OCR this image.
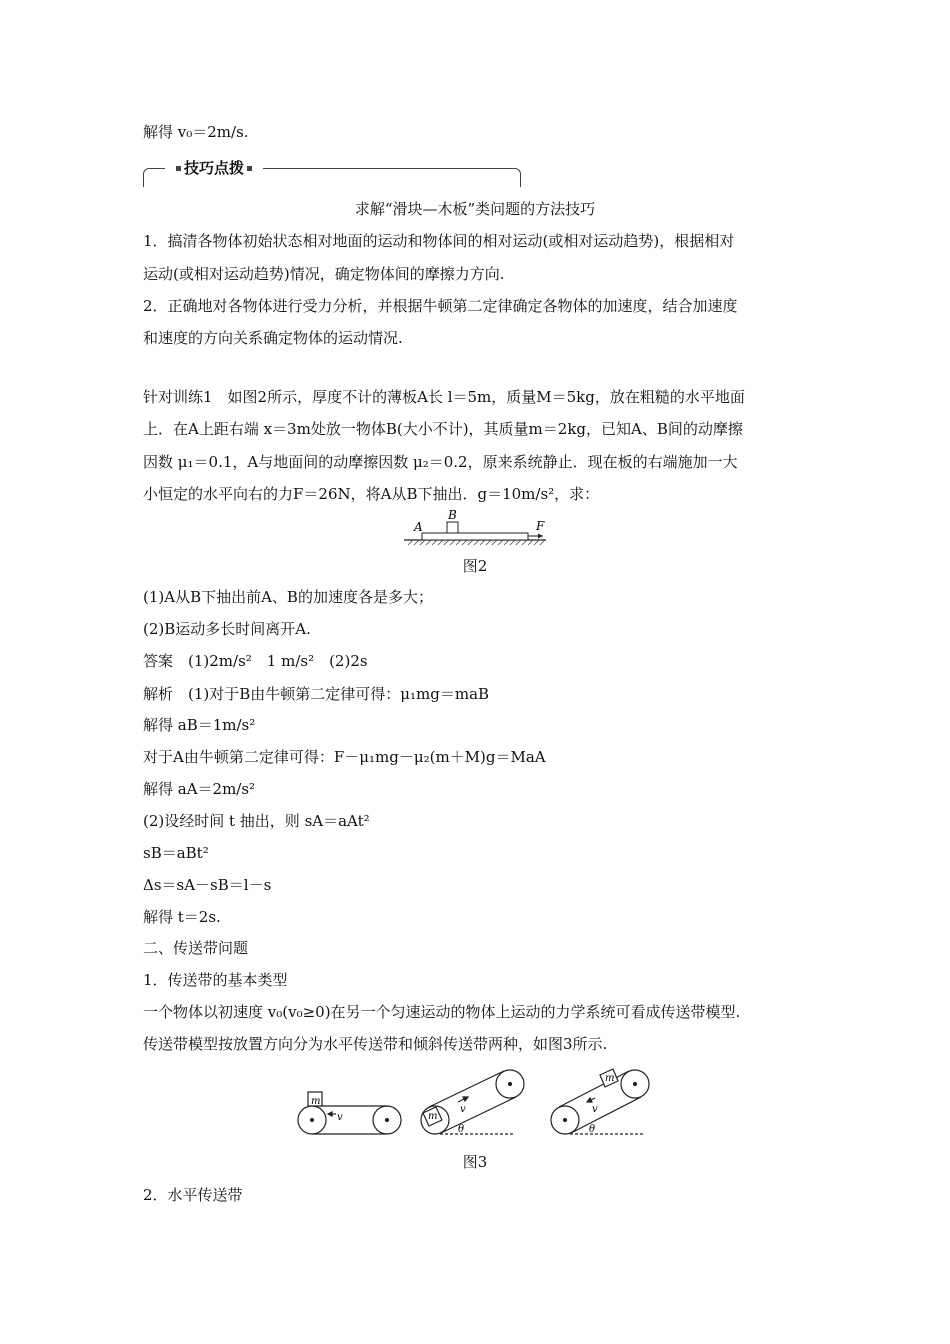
解得 v₀＝2m/s.
技巧点拨
求解“滑块—木板”类问题的方法技巧
1．搞清各物体初始状态相对地面的运动和物体间的相对运动(或相对运动趋势)，根据相对
运动(或相对运动趋势)情况，确定物体间的摩擦力方向.
2．正确地对各物体进行受力分析，并根据牛顿第二定律确定各物体的加速度，结合加速度
和速度的方向关系确定物体的运动情况.
针对训练1　如图2所示，厚度不计的薄板A长 l＝5m，质量M＝5kg，放在粗糙的水平地面
上．在A上距右端 x＝3m处放一物体B(大小不计)，其质量m＝2kg，已知A、B间的动摩擦
因数 μ₁＝0.1，A与地面间的动摩擦因数 μ₂＝0.2，原来系统静止．现在板的右端施加一大
小恒定的水平向右的力F＝26N，将A从B下抽出．g＝10m/s²，求：
A
B
F
图2
(1)A从B下抽出前A、B的加速度各是多大；
(2)B运动多长时间离开A.
答案　(1)2m/s²　1 m/s²　(2)2s
解析　(1)对于B由牛顿第二定律可得：μ₁mg＝maB
解得 aB＝1m/s²
对于A由牛顿第二定律可得：F－μ₁mg－μ₂(m＋M)g＝MaA
解得 aA＝2m/s²
(2)设经时间 t 抽出，则 sA＝aAt²
sB＝aBt²
Δs＝sA－sB＝l－s
解得 t＝2s.
二、传送带问题
1．传送带的基本类型
一个物体以初速度 v₀(v₀≥0)在另一个匀速运动的物体上运动的力学系统可看成传送带模型.
传送带模型按放置方向分为水平传送带和倾斜传送带两种，如图3所示.
m
v	m
v
θ
m
v
θ
图3
2．水平传送带
